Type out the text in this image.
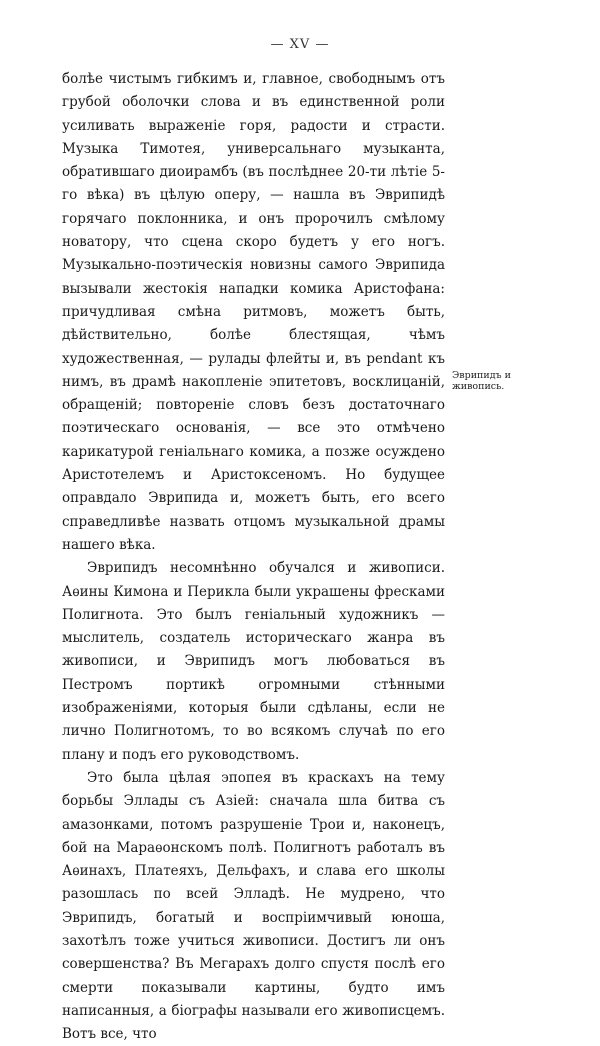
— XV —

болѣе чистымъ гибкимъ и, главное, свободнымъ отъ грубой оболочки слова и въ единственной роли усиливать выраженіе горя, радости и страсти. Музыка Тимотея, универсальнаго музыканта, обратившаго диоирамбъ (въ послѣднее 20-ти лѣтіе 5-го вѣка) въ цѣлую оперу, — нашла въ Эврипидѣ горячаго поклонника, и онъ пророчилъ смѣлому новатору, что сцена скоро будетъ у его ногъ. Музыкально-поэтическія новизны самого Эврипида вызывали жестокія нападки комика Аристофана: причудливая смѣна ритмовъ, можетъ быть, дѣйствительно, болѣе блестящая, чѣмъ художественная, — рулады флейты и, въ pendant къ нимъ, въ драмѣ накопленіе эпитетовъ, восклицаній, обращеній; повтореніе словъ безъ достаточнаго поэтическаго основанія, — все это отмѣчено карикатурой геніальнаго комика, а позже осуждено Аристотелемъ и Аристоксеномъ. Но будущее оправдало Эврипида и, можетъ быть, его всего справедливѣе назвать отцомъ музыкальной драмы нашего вѣка.

Эврипидъ несомнѣнно обучался и живописи. Аѳины Кимона и Перикла были украшены фресками Полигнота. Это былъ геніальный художникъ — мыслитель, создатель историческаго жанра въ живописи, и Эврипидъ могъ любоваться въ Пестромъ портикѣ огромными стѣнными изображеніями, которыя были сдѣланы, если не лично Полигнотомъ, то во всякомъ случаѣ по его плану и подъ его руководствомъ.

Это была цѣлая эпопея въ краскахъ на тему борьбы Эллады съ Азіей: сначала шла битва съ амазонками, потомъ разрушеніе Трои и, наконецъ, бой на Мараѳонскомъ полѣ. Полигнотъ работалъ въ Аѳинахъ, Платеяхъ, Дельфахъ, и слава его школы разошлась по всей Элладѣ. Не мудрено, что Эврипидъ, богатый и воспріимчивый юноша, захотѣлъ тоже учиться живописи. Достигъ ли онъ совершенства? Въ Мегарахъ долго спустя послѣ его смерти показывали картины, будто имъ написанныя, а біографы называли его живописцемъ. Вотъ все, что

Эврипидъ и живопись.
